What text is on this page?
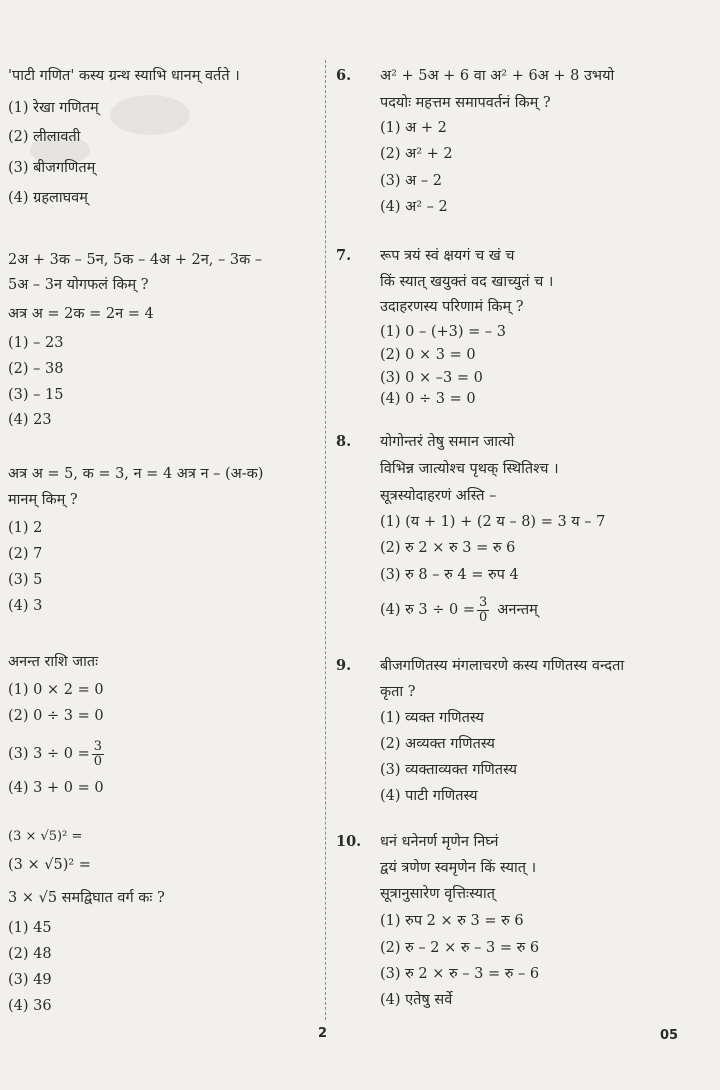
'पाटी गणित' कस्य ग्रन्थ स्याभि धानम् वर्तते ।
(1) रेखा गणितम्
(2) लीलावती
(3) बीजगणितम्
(4) ग्रहलाघवम्
2अ + 3क – 5न, 5क – 4अ + 2न, – 3क –
5अ – 3न योगफलं किम् ?
अत्र अ = 2क = 2न = 4
(1) – 23
(2) – 38
(3) – 15
(4) 23
अत्र अ = 5, क = 3, न = 4 अत्र न – (अ-क)
मानम् किम् ?
(1) 2
(2) 7
(3) 5
(4) 3
अनन्त राशि जातः
(1) 0 × 2 = 0
(2) 0 ÷ 3 = 0
(3) $3 \div 0 = \frac{3}{0}$
(4) 3 + 0 = 0
(3 × √5)² =
(3 × √5)² =
3 × √5 समद्विघात वर्ग कः ?
(1) 45
(2) 48
(3) 49
(4) 36
6. अ² + 5अ + 6 वा अ² + 6अ + 8 उभयो
पदयोः महत्तम समापवर्तनं किम् ?
(1) अ + 2
(2) अ² + 2
(3) अ – 2
(4) अ² – 2
7. रूप त्रयं स्वं क्षयगं च खं च
किं स्यात् खयुक्तं वद खाच्युतं च ।
उदाहरणस्य परिणामं किम् ?
(1) 0 – (+3) = – 3
(2) 0 × 3 = 0
(3) 0 × –3 = 0
(4) 0 ÷ 3 = 0
8. योगोन्तरं तेषु समान जात्यो
विभिन्न जात्योश्च पृथक् स्थितिश्च ।
सूत्रस्योदाहरणं अस्ति –
(1) (य + 1) + (2 य – 8) = 3 य – 7
(2) रु 2 × रु 3 = रु 6
(3) रु 8 – रु 4 = रुप 4
(4) रु $3 \div 0 = \frac{3}{0}$ अनन्तम्
9. बीजगणितस्य मंगलाचरणे कस्य गणितस्य वन्दता
कृता ?
(1) व्यक्त गणितस्य
(2) अव्यक्त गणितस्य
(3) व्यक्ताव्यक्त गणितस्य
(4) पाटी गणितस्य
10. धनं धनेनर्ण मृणेन निघ्नं
द्वयं त्रणेण स्वमृणेन किं स्यात् ।
सूत्रानुसारेण वृत्तिःस्यात्
(1) रुप 2 × रु 3 = रु 6
(2) रु – 2 × रु – 3 = रु 6
(3) रु 2 × रु – 3 = रु – 6
(4) एतेषु सर्वे
2	05
